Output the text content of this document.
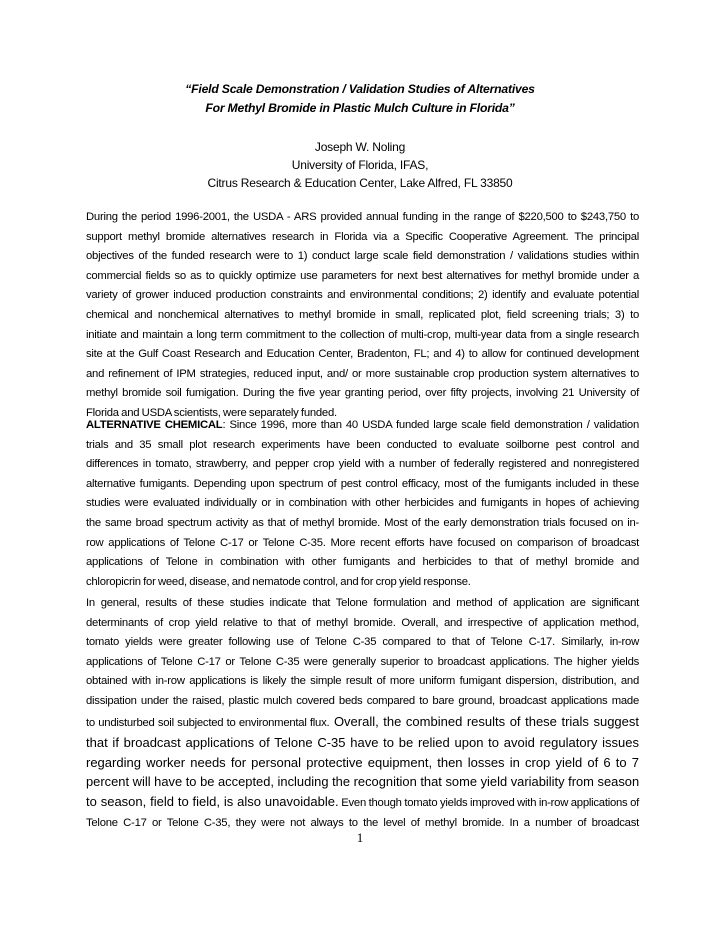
“Field Scale Demonstration / Validation Studies of Alternatives
For Methyl Bromide in Plastic Mulch Culture in Florida”
Joseph W. Noling
University of Florida, IFAS,
Citrus Research & Education Center, Lake Alfred, FL 33850
During the period 1996-2001, the USDA - ARS provided annual funding in the range of $220,500 to $243,750 to
support methyl bromide alternatives research in Florida via a Specific Cooperative Agreement. The principal
objectives of the funded research were to 1) conduct large scale field demonstration / validations studies within
commercial fields so as to quickly optimize use parameters for next best alternatives for methyl bromide under a
variety of grower induced production constraints and environmental conditions; 2) identify and evaluate potential
chemical and nonchemical alternatives to methyl bromide in small, replicated plot, field screening trials; 3) to
initiate and maintain a long term commitment to the collection of multi-crop, multi-year data from a single research
site at the Gulf Coast Research and Education Center, Bradenton, FL; and 4) to allow for continued development
and refinement of IPM strategies, reduced input, and/ or more sustainable crop production system alternatives to
methyl bromide soil fumigation. During the five year granting period, over fifty projects, involving 21 University of
Florida and USDA scientists, were separately funded.
ALTERNATIVE CHEMICAL: Since 1996, more than 40 USDA funded large scale field demonstration / validation
trials and 35 small plot research experiments have been conducted to evaluate soilborne pest control and
differences in tomato, strawberry, and pepper crop yield with a number of federally registered and nonregistered
alternative fumigants. Depending upon spectrum of pest control efficacy, most of the fumigants included in these
studies were evaluated individually or in combination with other herbicides and fumigants in hopes of achieving
the same broad spectrum activity as that of methyl bromide. Most of the early demonstration trials focused on in-
row applications of Telone C-17 or Telone C-35. More recent efforts have focused on comparison of broadcast
applications of Telone in combination with other fumigants and herbicides to that of methyl bromide and
chloropicrin for weed, disease, and nematode control, and for crop yield response.
In general, results of these studies indicate that Telone formulation and method of application are significant
determinants of crop yield relative to that of methyl bromide. Overall, and irrespective of application method,
tomato yields were greater following use of Telone C-35 compared to that of Telone C-17. Similarly, in-row
applications of Telone C-17 or Telone C-35 were generally superior to broadcast applications. The higher yields
obtained with in-row applications is likely the simple result of more uniform fumigant dispersion, distribution, and
dissipation under the raised, plastic mulch covered beds compared to bare ground, broadcast applications made
to undisturbed soil subjected to environmental flux. Overall, the combined results of these trials suggest
that if broadcast applications of Telone C-35 have to be relied upon to avoid regulatory issues
regarding worker needs for personal protective equipment, then losses in crop yield of 6 to 7
percent will have to be accepted, including the recognition that some yield variability from season
to season, field to field, is also unavoidable. Even though tomato yields improved with in-row applications of
Telone C-17 or Telone C-35, they were not always to the level of methyl bromide. In a number of broadcast
1
